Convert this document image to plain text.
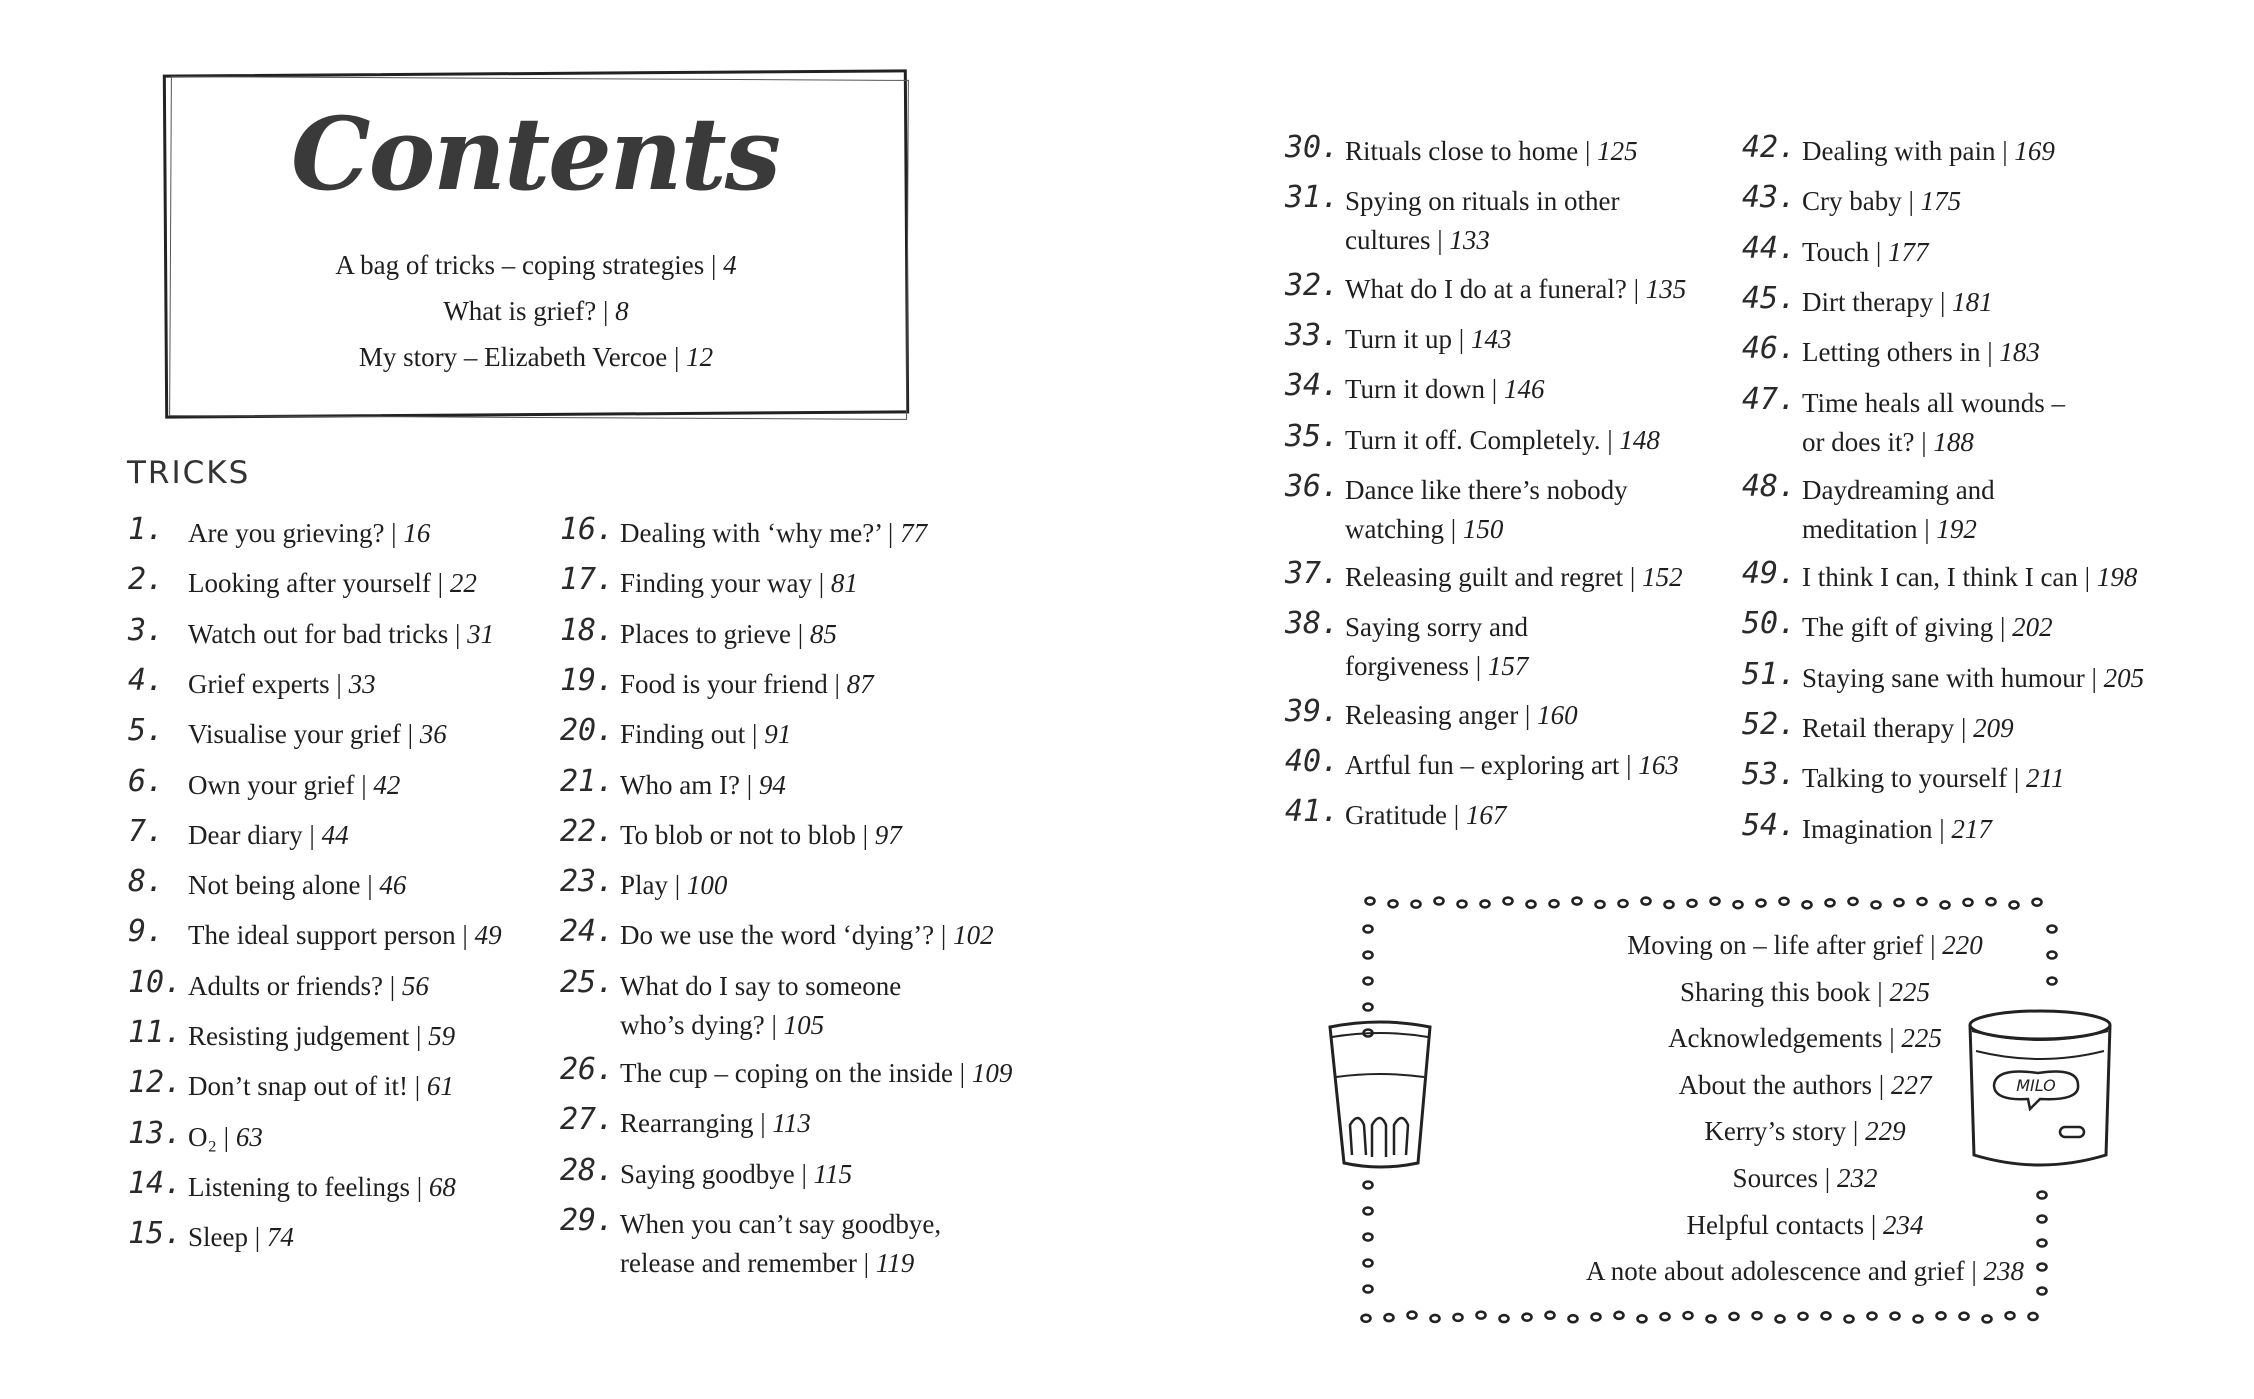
Contents
A bag of tricks – coping strategies | 4
What is grief? | 8
My story – Elizabeth Vercoe | 12
TRICKS
1. Are you grieving? | 16
2. Looking after yourself | 22
3. Watch out for bad tricks | 31
4. Grief experts | 33
5. Visualise your grief | 36
6. Own your grief | 42
7. Dear diary | 44
8. Not being alone | 46
9. The ideal support person | 49
10. Adults or friends? | 56
11. Resisting judgement | 59
12. Don’t snap out of it! | 61
13. O₂ | 63
14. Listening to feelings | 68
15. Sleep | 74
16. Dealing with ‘why me?’ | 77
17. Finding your way | 81
18. Places to grieve | 85
19. Food is your friend | 87
20. Finding out | 91
21. Who am I? | 94
22. To blob or not to blob | 97
23. Play | 100
24. Do we use the word ‘dying’? | 102
25. What do I say to someone
who’s dying? | 105
26. The cup – coping on the inside | 109
27. Rearranging | 113
28. Saying goodbye | 115
29. When you can’t say goodbye,
release and remember | 119
30. Rituals close to home | 125
31. Spying on rituals in other
cultures | 133
32. What do I do at a funeral? | 135
33. Turn it up | 143
34. Turn it down | 146
35. Turn it off. Completely. | 148
36. Dance like there’s nobody
watching | 150
37. Releasing guilt and regret | 152
38. Saying sorry and
forgiveness | 157
39. Releasing anger | 160
40. Artful fun – exploring art | 163
41. Gratitude | 167
42. Dealing with pain | 169
43. Cry baby | 175
44. Touch | 177
45. Dirt therapy | 181
46. Letting others in | 183
47. Time heals all wounds –
or does it? | 188
48. Daydreaming and
meditation | 192
49. I think I can, I think I can | 198
50. The gift of giving | 202
51. Staying sane with humour | 205
52. Retail therapy | 209
53. Talking to yourself | 211
54. Imagination | 217
Moving on – life after grief | 220
Sharing this book | 225
Acknowledgements | 225
About the authors | 227
Kerry’s story | 229
Sources | 232
Helpful contacts | 234
A note about adolescence and grief | 238
MILO
